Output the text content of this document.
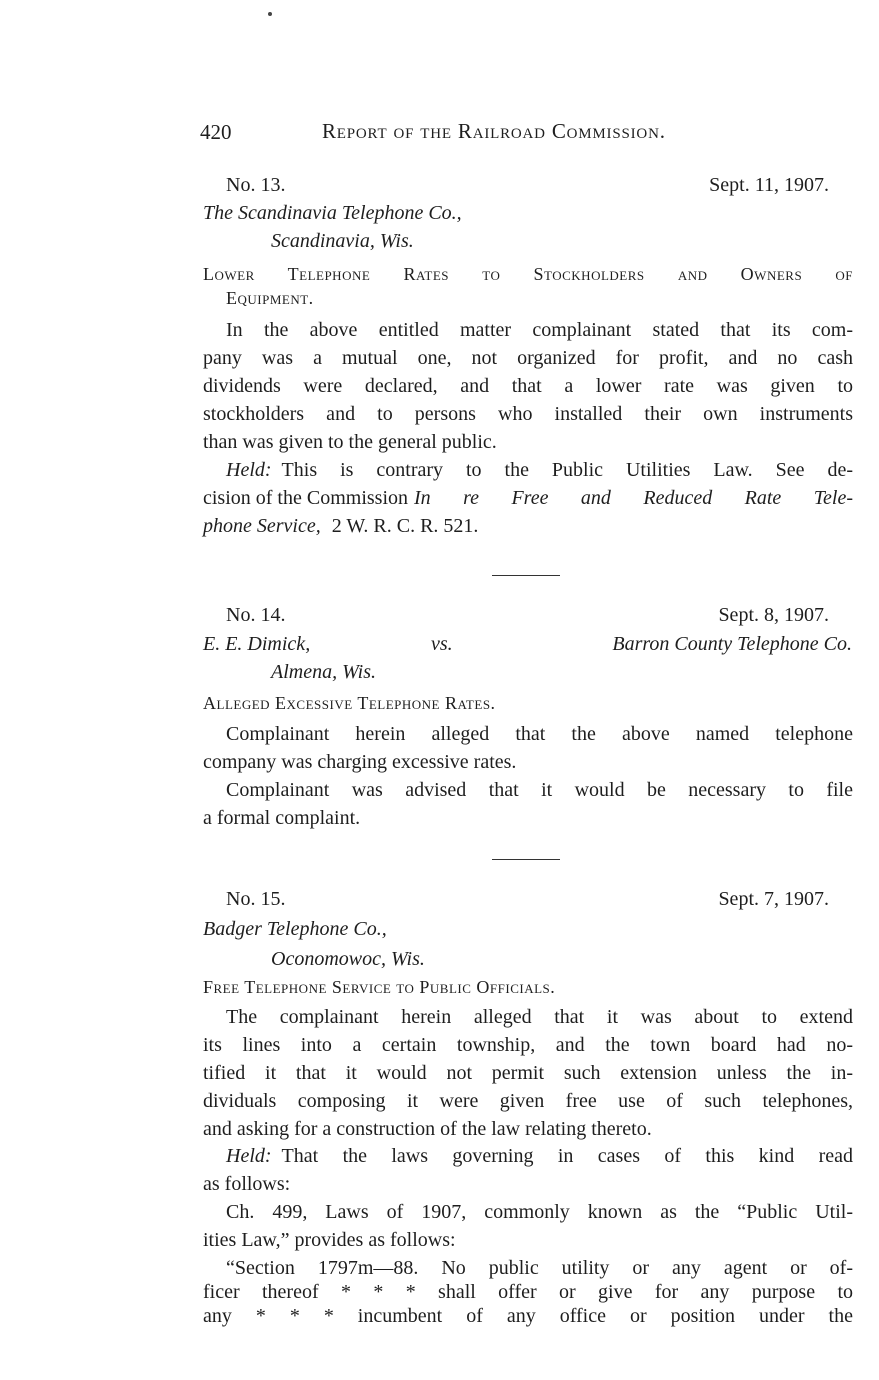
420	Report of the Railroad Commission.
No. 13.	Sept. 11, 1907.
The Scandinavia Telephone Co.,
Scandinavia, Wis.
Lower Telephone Rates to Stockholders and Owners of
Equipment.
In the above entitled matter complainant stated that its com-
pany was a mutual one, not organized for profit, and no cash
dividends were declared, and that a lower rate was given to
stockholders and to persons who installed their own instruments
than was given to the general public.
Held: This is contrary to the Public Utilities Law. See de-
cision of the Commission In re Free and Reduced Rate Tele-
phone Service, 2 W. R. C. R. 521.
No. 14.	Sept. 8, 1907.
E. E. Dimick,	vs.	Barron County Telephone Co.
Almena, Wis.
Alleged Excessive Telephone Rates.
Complainant herein alleged that the above named telephone
company was charging excessive rates.
Complainant was advised that it would be necessary to file
a formal complaint.
No. 15.	Sept. 7, 1907.
Badger Telephone Co.,
Oconomowoc, Wis.
Free Telephone Service to Public Officials.
The complainant herein alleged that it was about to extend
its lines into a certain township, and the town board had no-
tified it that it would not permit such extension unless the in-
dividuals composing it were given free use of such telephones,
and asking for a construction of the law relating thereto.
Held: That the laws governing in cases of this kind read
as follows:
Ch. 499, Laws of 1907, commonly known as the “Public Util-
ities Law,” provides as follows:
“Section 1797m—88. No public utility or any agent or of-
ficer thereof * * * shall offer or give for any purpose to
any * * * incumbent of any office or position under the
